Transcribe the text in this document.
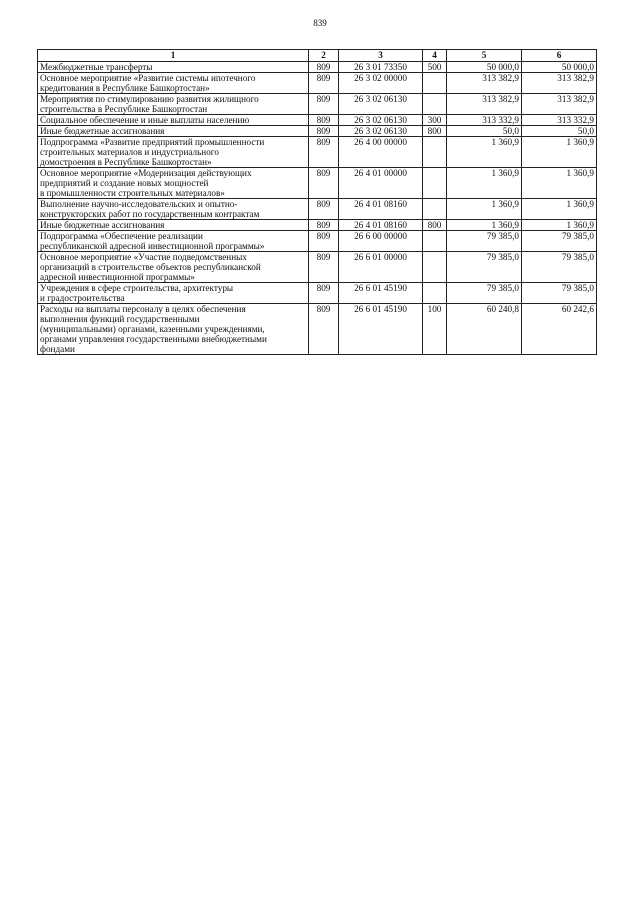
839
1	2	3	4	5	6

Межбюджетные трансферты	809	26 3 01 73350	500	50 000,0	50 000,0

Основное мероприятие «Развитие системы ипотечного
кредитования в Республике Башкортостан»	809	26 3 02 00000		313 382,9	313 382,9

Мероприятия по стимулированию развития жилищного
строительства в Республике Башкортостан	809	26 3 02 06130		313 382,9	313 382,9

Социальное обеспечение и иные выплаты населению	809	26 3 02 06130	300	313 332,9	313 332,9

Иные бюджетные ассигнования	809	26 3 02 06130	800	50,0	50,0

Подпрограмма «Развитие предприятий промышленности
строительных материалов и индустриального
домостроения в Республике Башкортостан»	809	26 4 00 00000		1 360,9	1 360,9

Основное мероприятие «Модернизация действующих
предприятий и создание новых мощностей
в промышленности строительных материалов»	809	26 4 01 00000		1 360,9	1 360,9

Выполнение научно-исследовательских и опытно-
конструкторских работ по государственным контрактам	809	26 4 01 08160		1 360,9	1 360,9

Иные бюджетные ассигнования	809	26 4 01 08160	800	1 360,9	1 360,9

Подпрограмма «Обеспечение реализации
республиканской адресной инвестиционной программы»	809	26 6 00 00000		79 385,0	79 385,0

Основное мероприятие «Участие подведомственных
организаций в строительстве объектов республиканской
адресной инвестиционной программы»	809	26 6 01 00000		79 385,0	79 385,0

Учреждения в сфере строительства, архитектуры
и градостроительства	809	26 6 01 45190		79 385,0	79 385,0

Расходы на выплаты персоналу в целях обеспечения
выполнения функций государственными
(муниципальными) органами, казенными учреждениями,
органами управления государственными внебюджетными
фондами	809	26 6 01 45190	100	60 240,8	60 242,6
